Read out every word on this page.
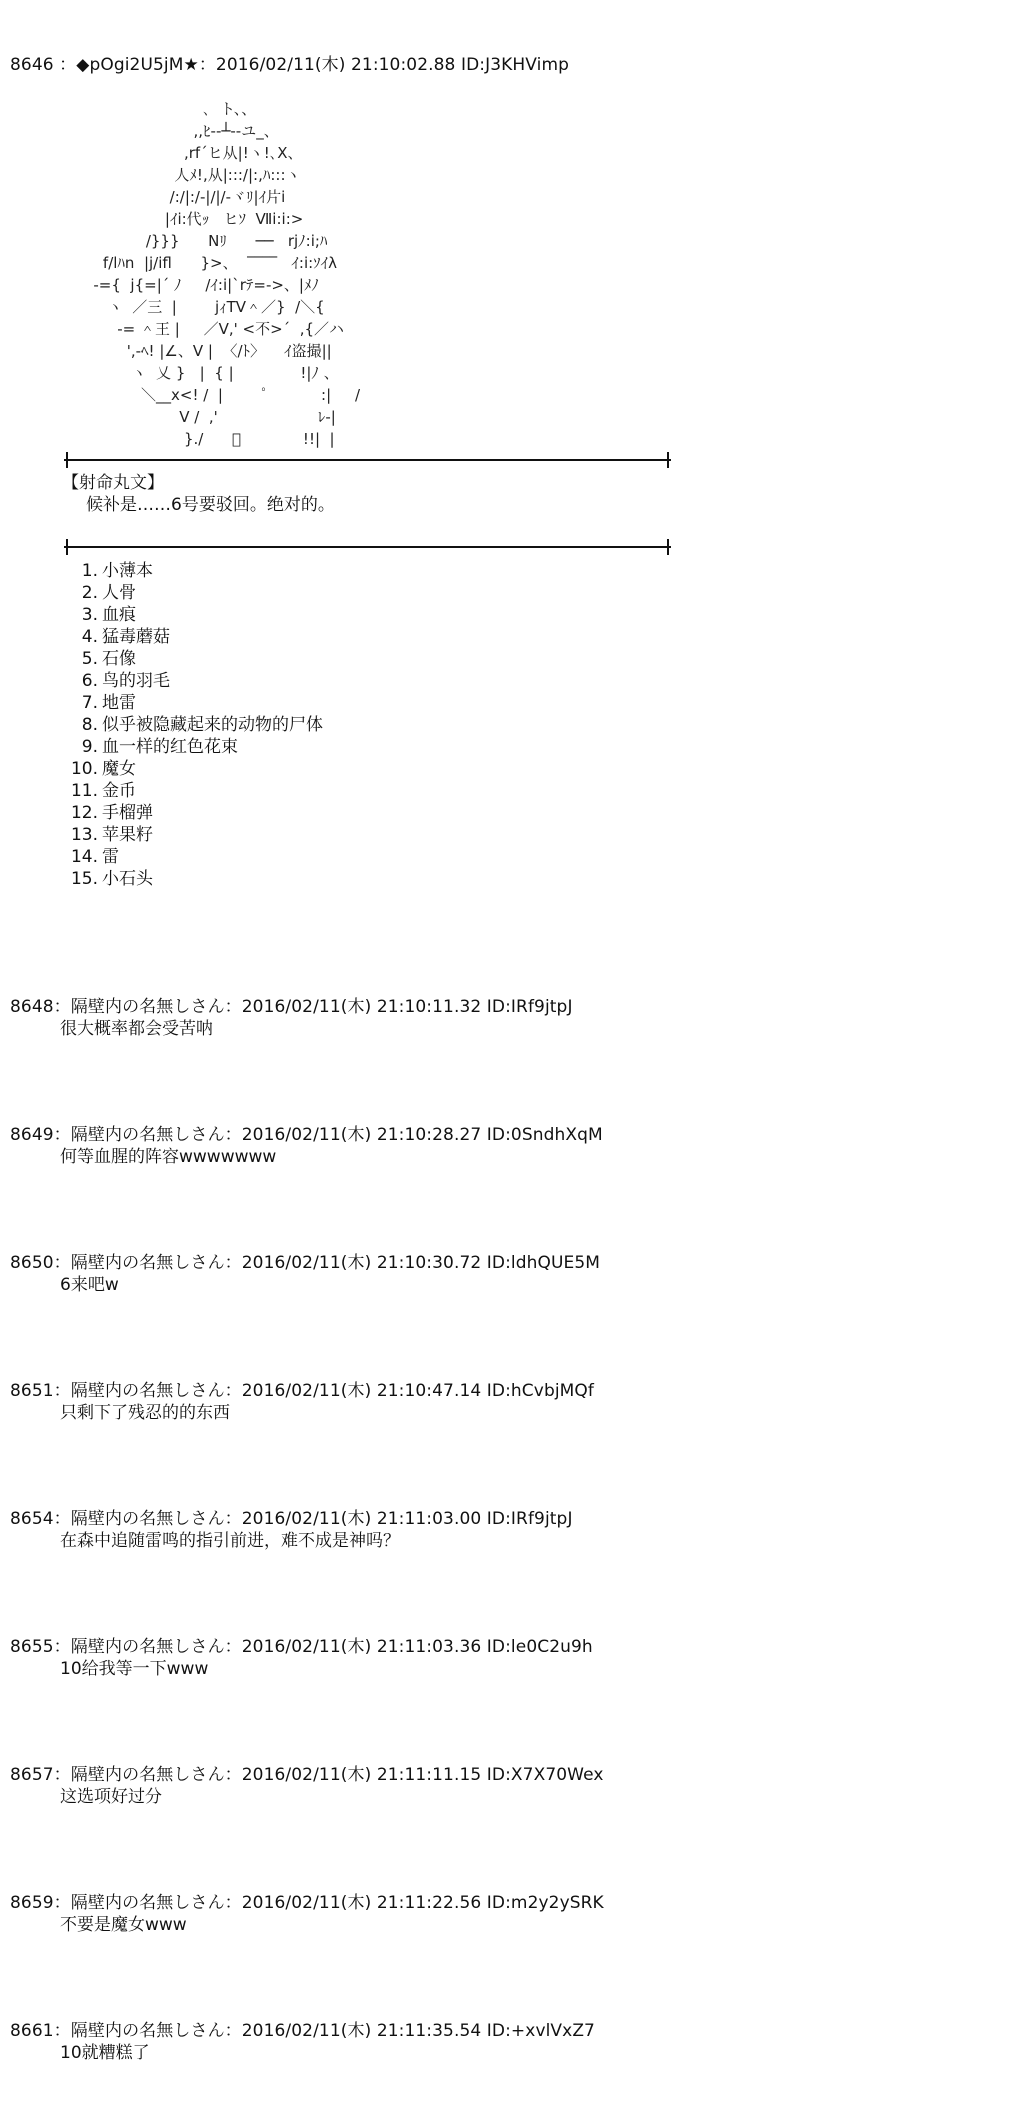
8646 ：◆pOgi2U5jM★：2016/02/11(木) 21:10:02.88 ID:J3KHVimp
､  ト、、
,,ﾋ-‐┴‐-ユ_、
,rf´ヒ从|!ヽ!､X、
人ﾒ!,从|:::/|:,ﾊ:::ヽ
/:/|:/-|/|/-ヾﾘ|ｲ片i
|ｲi:代ｯ   ヒｿ  Ⅶi:i:>
/}}}      Nﾘ      ──   rjﾉ:i;ﾊ
f/lﾊn  |j/ifl      }>、  ‾‾‾‾   ｲ:i:ｿｲλ
-={  j{=|´ ﾉ     /ｲ:i|`rﾃ=‐>、|ﾒﾉ
ヽ  ／三  |        jｨTV＾／}  /＼{
-= ＾王 |     ／V,' <不>´  ,{／ハ
',-ﾍ! |∠、V |  〈/ﾄ〉    ｲ盗撮||
ヽ  乂 }   |  { |              !|ﾉ 、
＼__x<! /  |        ﾟ           :|     /
V /  ,'                     ﾚ‐|
}./      ﾟ             !!|  |
【射命丸文】
候补是……6号要驳回。绝对的。
1. 小薄本
2. 人骨
3. 血痕
4. 猛毒蘑菇
5. 石像
6. 鸟的羽毛
7. 地雷
8. 似乎被隐藏起来的动物的尸体
9. 血一样的红色花束
10. 魔女
11. 金币
12. 手榴弹
13. 苹果籽
14. 雷
15. 小石头
8648：隔壁内の名無しさん：2016/02/11(木) 21:10:11.32 ID:IRf9jtpJ
很大概率都会受苦呐
8649：隔壁内の名無しさん：2016/02/11(木) 21:10:28.27 ID:0SndhXqM
何等血腥的阵容wwwwwww
8650：隔壁内の名無しさん：2016/02/11(木) 21:10:30.72 ID:ldhQUE5M
6来吧w
8651：隔壁内の名無しさん：2016/02/11(木) 21:10:47.14 ID:hCvbjMQf
只剩下了残忍的的东西
8654：隔壁内の名無しさん：2016/02/11(木) 21:11:03.00 ID:IRf9jtpJ
在森中追随雷鸣的指引前进，难不成是神吗？
8655：隔壁内の名無しさん：2016/02/11(木) 21:11:03.36 ID:le0C2u9h
10给我等一下www
8657：隔壁内の名無しさん：2016/02/11(木) 21:11:11.15 ID:X7X70Wex
这选项好过分
8659：隔壁内の名無しさん：2016/02/11(木) 21:11:22.56 ID:m2y2ySRK
不要是魔女www
8661：隔壁内の名無しさん：2016/02/11(木) 21:11:35.54 ID:+xvlVxZ7
10就糟糕了
